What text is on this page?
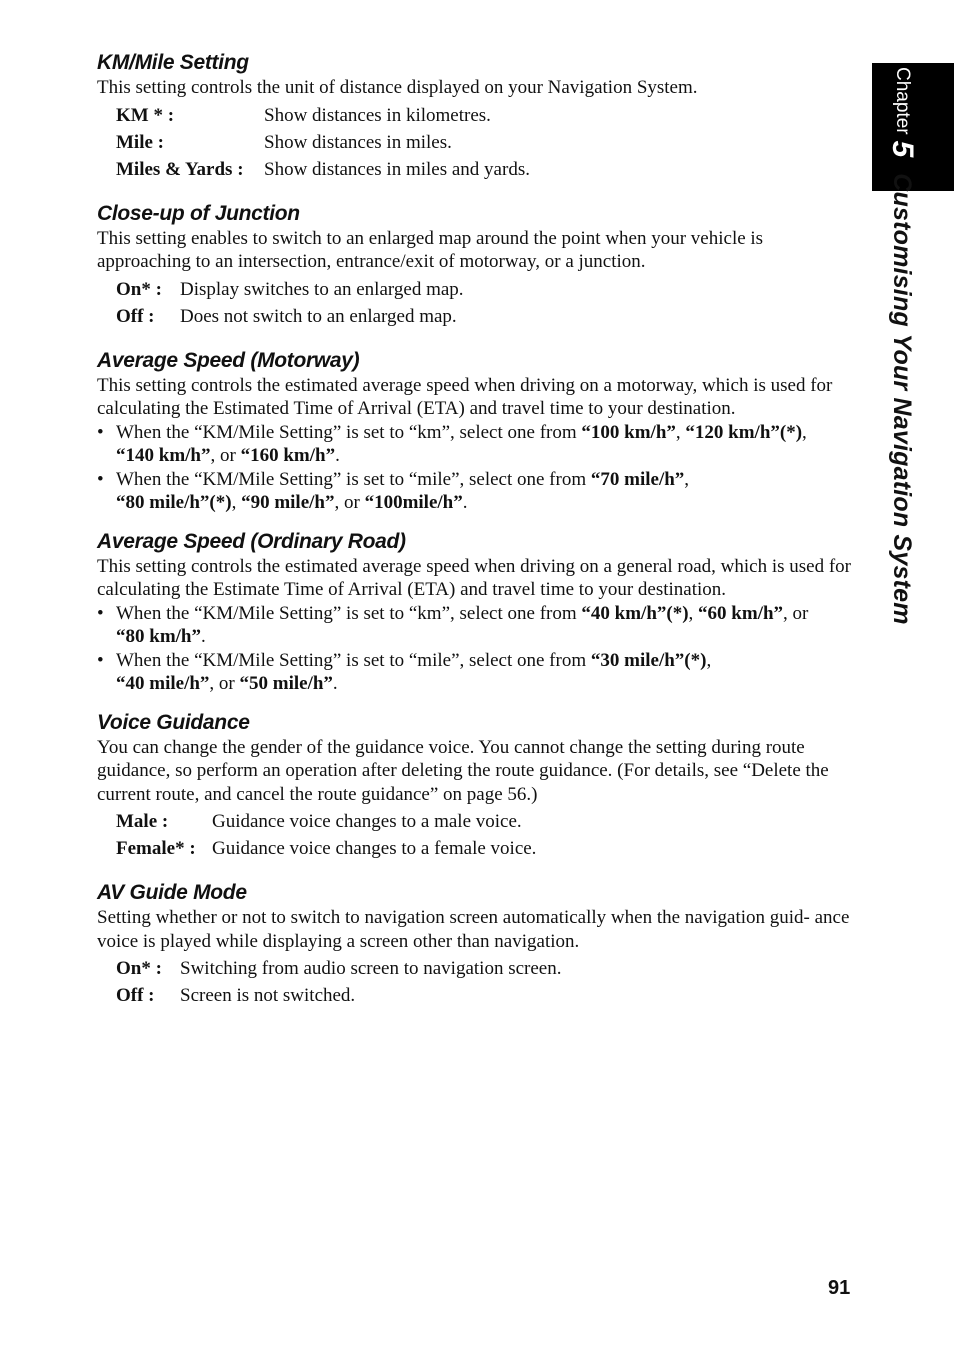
Chapter5Customising Your Navigation System
KM/Mile Setting

This setting controls the unit of distance displayed on your Navigation System.

KM * :	Show distances in kilometres.
Mile :	Show distances in miles.
Miles & Yards :	Show distances in miles and yards.
Close-up of Junction

This setting enables to switch to an enlarged map around the point when your vehicle is approaching to an intersection, entrance/exit of motorway, or a junction.

On* : Display switches to an enlarged map.
Off :	Does not switch to an enlarged map.
Average Speed (Motorway)

This setting controls the estimated average speed when driving on a motorway, which is used for calculating the Estimated Time of Arrival (ETA) and travel time to your destination.

• When the “KM/Mile Setting” is set to “km”, select one from “100 km/h”, “120 km/h”(*),
“140 km/h”, or “160 km/h”.
• When the “KM/Mile Setting” is set to “mile”, select one from “70 mile/h”,
“80 mile/h”(*), “90 mile/h”, or “100mile/h”.
Average Speed (Ordinary Road)

This setting controls the estimated average speed when driving on a general road, which is used for calculating the Estimate Time of Arrival (ETA) and travel time to your destination.

• When the “KM/Mile Setting” is set to “km”, select one from “40 km/h”(*), “60 km/h”, or
“80 km/h”.
• When the “KM/Mile Setting” is set to “mile”, select one from “30 mile/h”(*),
“40 mile/h”, or “50 mile/h”.
Voice Guidance

You can change the gender of the guidance voice. You cannot change the setting during route guidance, so perform an operation after deleting the route guidance. (For details, see “Delete the current route, and cancel the route guidance” on page 56.)

Male :	Guidance voice changes to a male voice.
Female* : Guidance voice changes to a female voice.
AV Guide Mode

Setting whether or not to switch to navigation screen automatically when the navigation guid- ance voice is played while displaying a screen other than navigation.

On* : Switching from audio screen to navigation screen.
Off :	Screen is not switched.
91
